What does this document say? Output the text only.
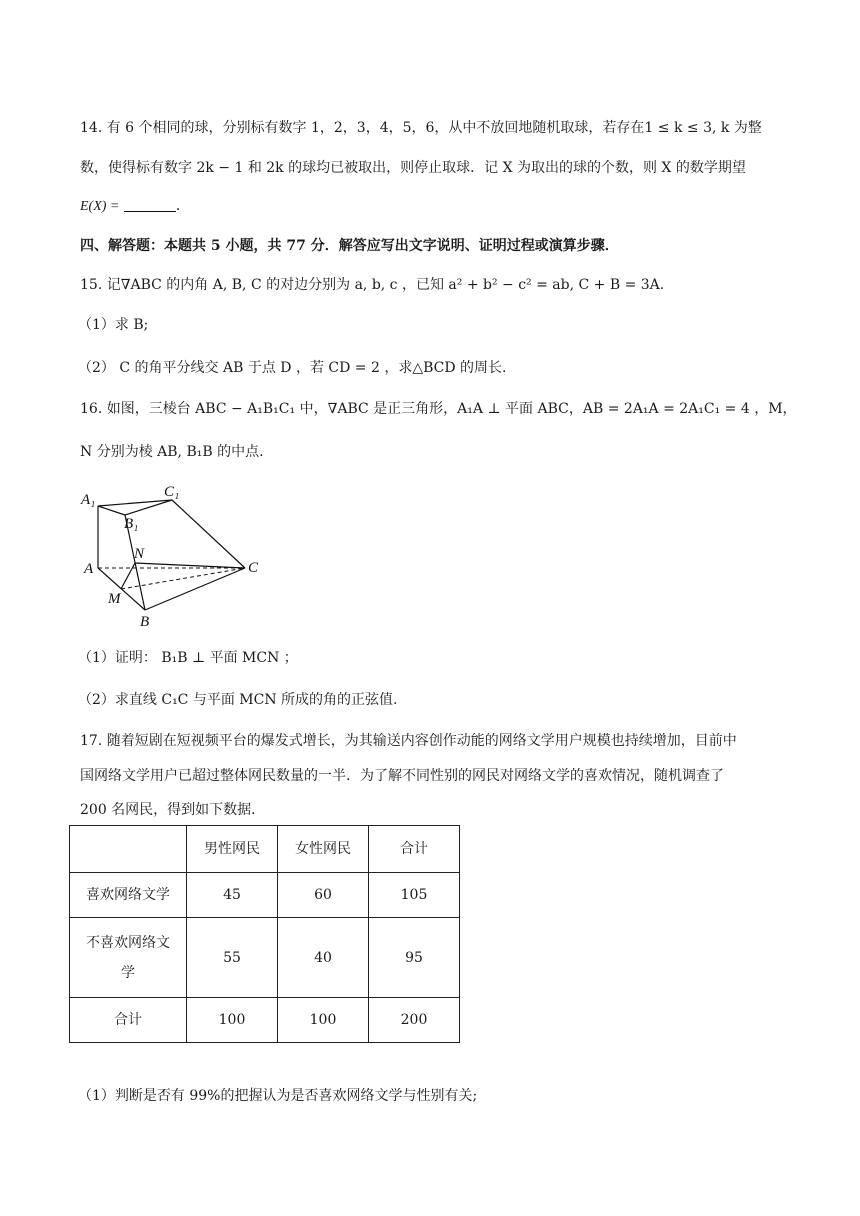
14. 有 6 个相同的球，分别标有数字 1，2，3，4，5，6，从中不放回地随机取球，若存在1 ≤ k ≤ 3, k 为整
数，使得标有数字 2k − 1 和 2k 的球均已被取出，则停止取球．记 X 为取出的球的个数，则 X 的数学期望
E(X) =	．
四、解答题：本题共 5 小题，共 77 分．解答应写出文字说明、证明过程或演算步骤．
15. 记∇ABC 的内角 A, B, C 的对边分别为 a, b, c ，已知 a² + b² − c² = ab, C + B = 3A.
（1）求 B;
（2） C 的角平分线交 AB 于点 D ，若 CD = 2 ，求△BCD 的周长.
16. 如图，三棱台 ABC − A₁B₁C₁ 中，∇ABC 是正三角形，A₁A ⊥ 平面 ABC，AB = 2A₁A = 2A₁C₁ = 4 ，M，
N 分别为棱 AB, B₁B 的中点.
A₁	C₁
B₁
N
A	C
M
B
（1）证明： B₁B ⊥ 平面 MCN ；
（2）求直线 C₁C 与平面 MCN 所成的角的正弦值.
17. 随着短剧在短视频平台的爆发式增长，为其输送内容创作动能的网络文学用户规模也持续增加，目前中
国网络文学用户已超过整体网民数量的一半．为了解不同性别的网民对网络文学的喜欢情况，随机调查了
200 名网民，得到如下数据．
	男性网民	女性网民	合计
喜欢网络文学	45	60	105

不喜欢网络文学	55	40	95
合计	100	100	200
（1）判断是否有 99%的把握认为是否喜欢网络文学与性别有关;
